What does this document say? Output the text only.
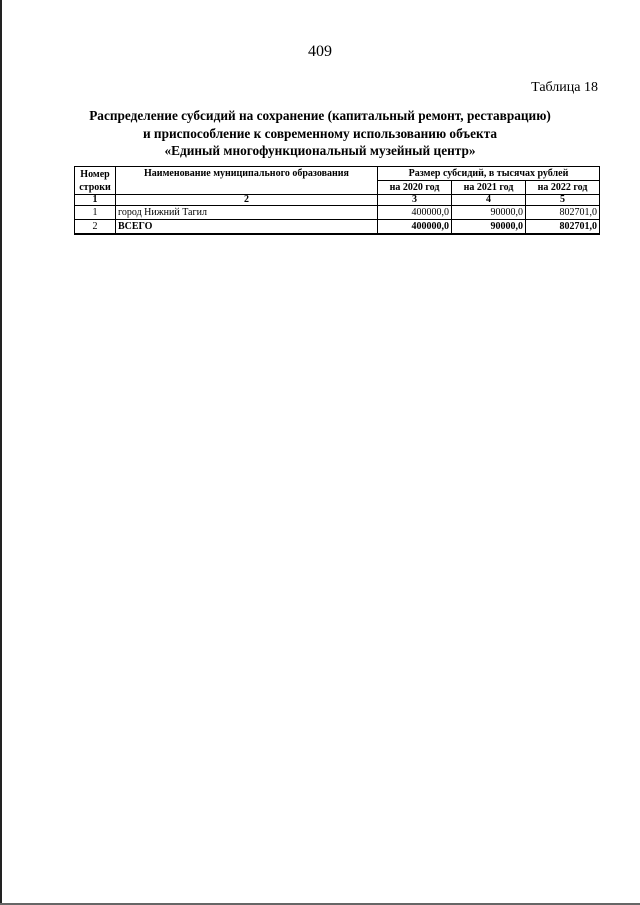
409
Таблица 18
Распределение субсидий на сохранение (капитальный ремонт, реставрацию)
и приспособление к современному использованию объекта
«Единый многофункциональный музейный центр»
Номер
строки	Наименование муниципального образования	Размер субсидий, в тысячах рублей		
		на 2020 год	на 2021 год	на 2022 год
1	2	3	4	5
1	город Нижний Тагил	400000,0	90000,0	802701,0
2	ВСЕГО	400000,0	90000,0	802701,0
